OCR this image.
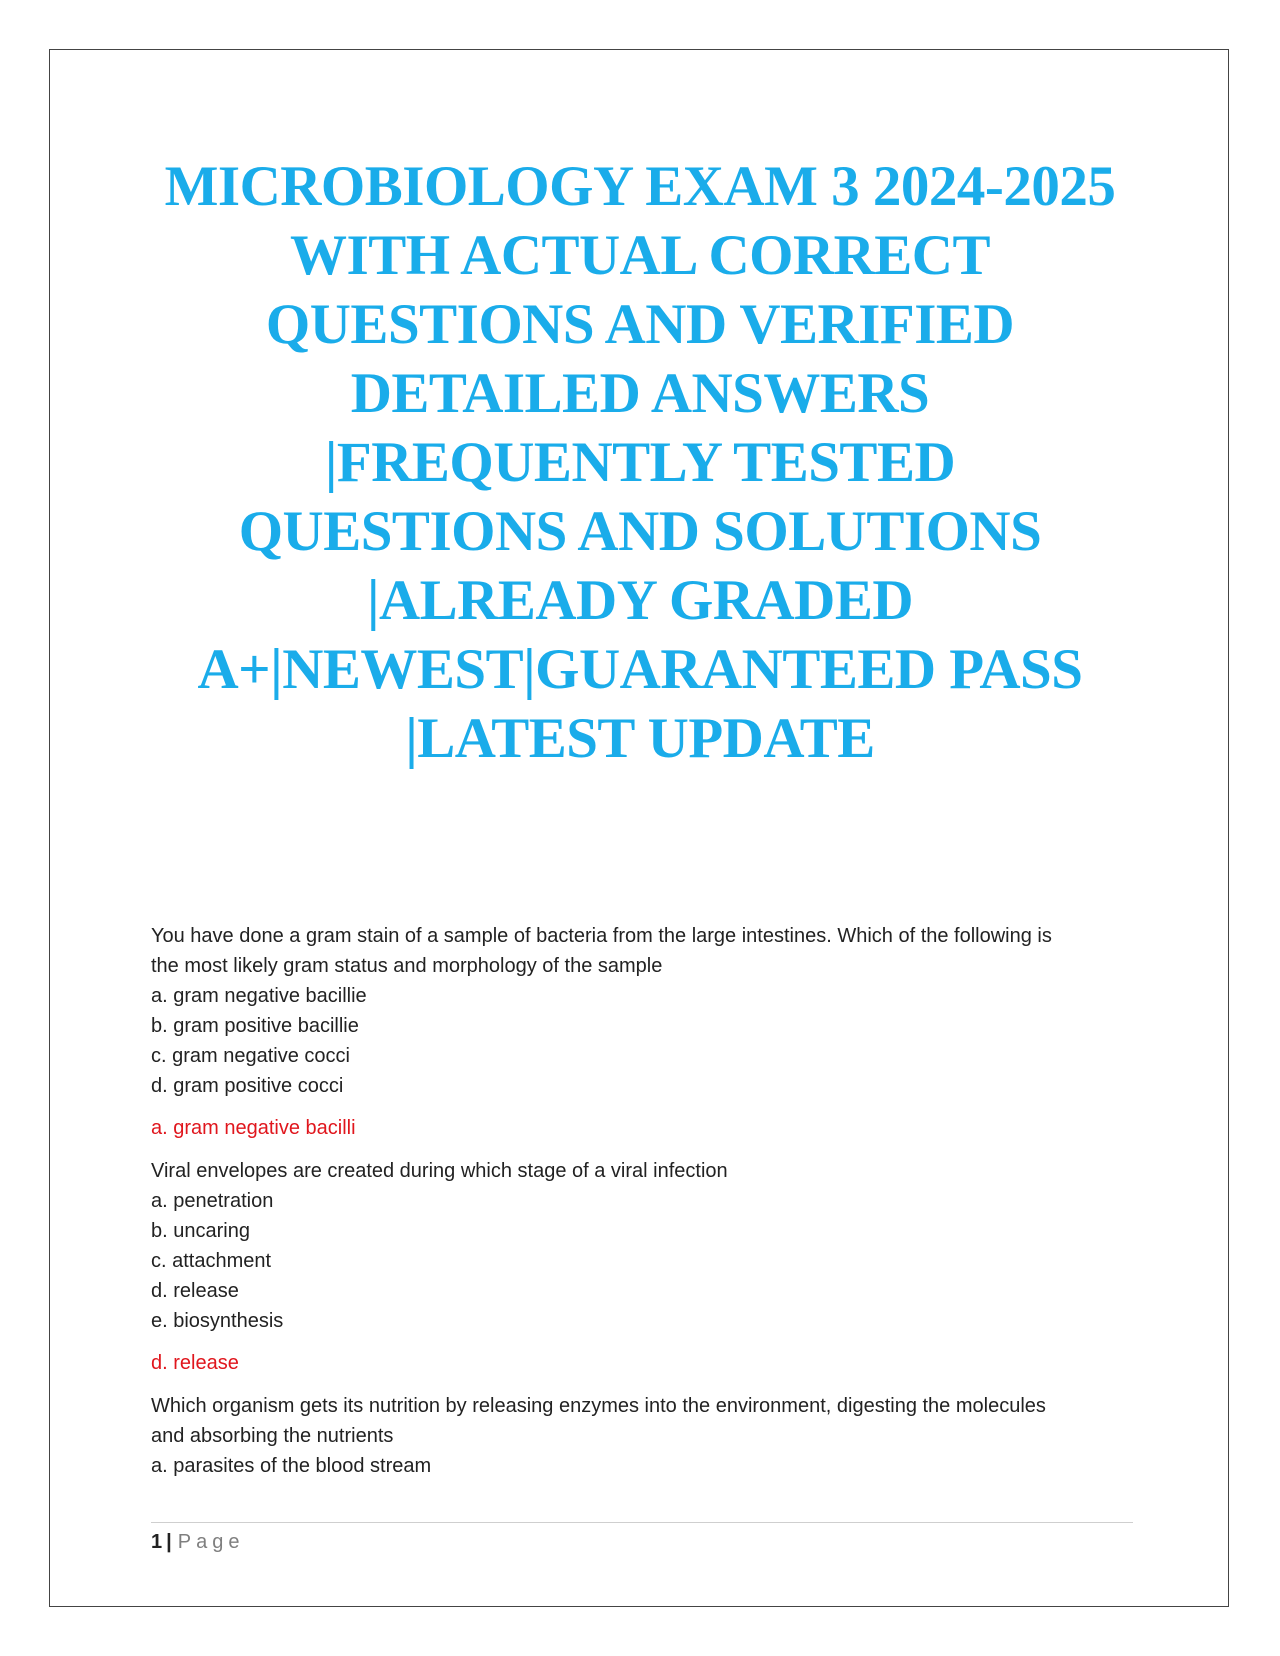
MICROBIOLOGY EXAM 3 2024-2025
WITH ACTUAL CORRECT
QUESTIONS AND VERIFIED
DETAILED ANSWERS
|FREQUENTLY TESTED
QUESTIONS AND SOLUTIONS
|ALREADY GRADED
A+|NEWEST|GUARANTEED PASS
|LATEST UPDATE
You have done a gram stain of a sample of bacteria from the large intestines. Which of the following is
the most likely gram status and morphology of the sample
a. gram negative bacillie
b. gram positive bacillie
c. gram negative cocci
d. gram positive cocci
a. gram negative bacilli
Viral envelopes are created during which stage of a viral infection
a. penetration
b. uncaring
c. attachment
d. release
e. biosynthesis
d. release
Which organism gets its nutrition by releasing enzymes into the environment, digesting the molecules
and absorbing the nutrients
a. parasites of the blood stream
1 | Page
